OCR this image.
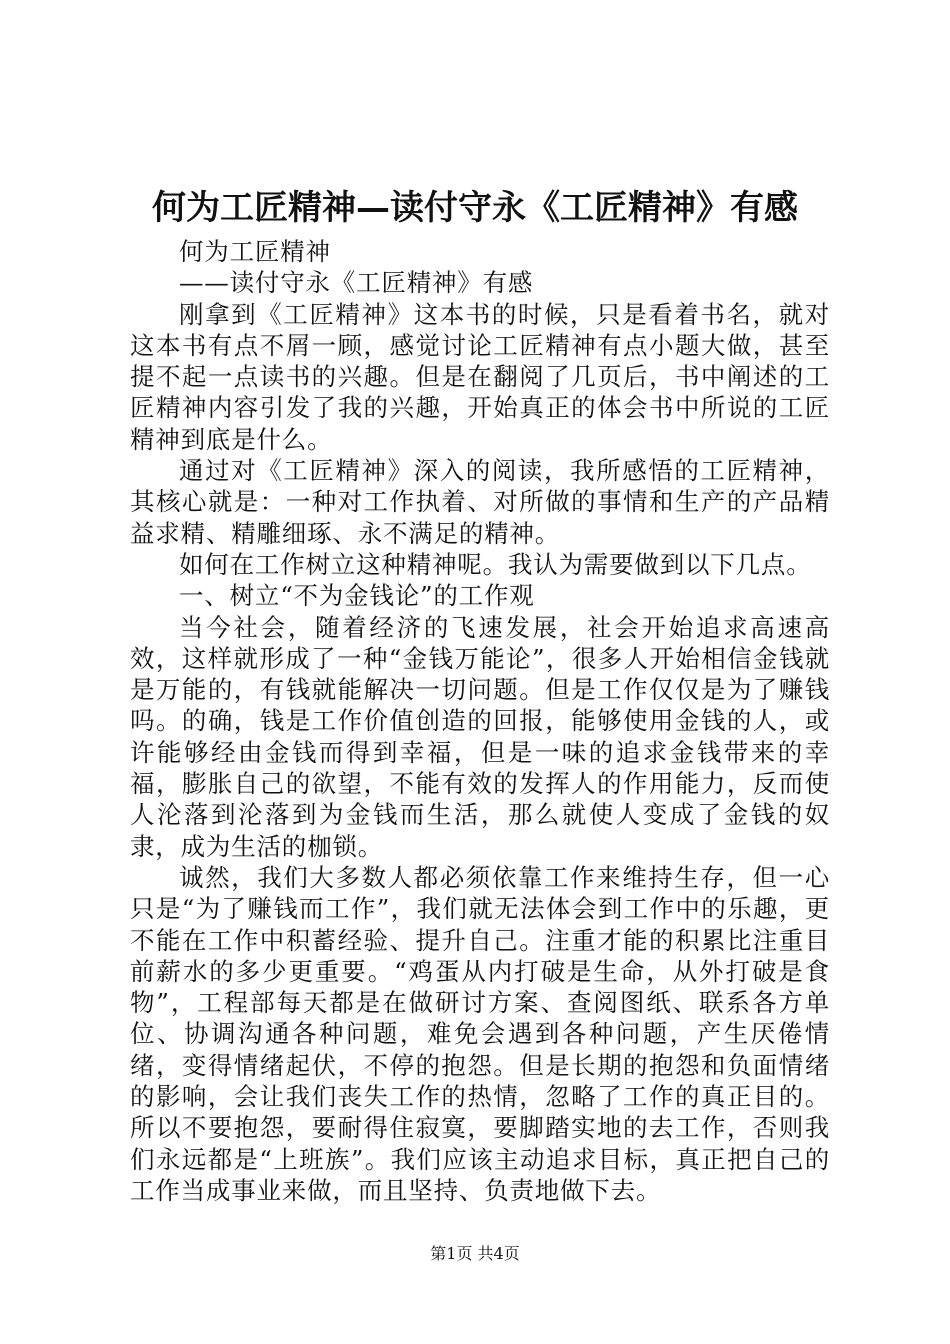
何为工匠精神—读付守永《工匠精神》有感

何为工匠精神

——读付守永《工匠精神》有感

刚拿到《工匠精神》这本书的时候，只是看着书名，就对这本书有点不屑一顾，感觉讨论工匠精神有点小题大做，甚至提不起一点读书的兴趣。但是在翻阅了几页后，书中阐述的工匠精神内容引发了我的兴趣，开始真正的体会书中所说的工匠精神到底是什么。

通过对《工匠精神》深入的阅读，我所感悟的工匠精神，其核心就是：一种对工作执着、对所做的事情和生产的产品精益求精、精雕细琢、永不满足的精神。

如何在工作树立这种精神呢。我认为需要做到以下几点。

一、树立“不为金钱论”的工作观

当今社会，随着经济的飞速发展，社会开始追求高速高效，这样就形成了一种“金钱万能论”，很多人开始相信金钱就是万能的，有钱就能解决一切问题。但是工作仅仅是为了赚钱吗。的确，钱是工作价值创造的回报，能够使用金钱的人，或许能够经由金钱而得到幸福，但是一味的追求金钱带来的幸福，膨胀自己的欲望，不能有效的发挥人的作用能力，反而使人沦落到沦落到为金钱而生活，那么就使人变成了金钱的奴隶，成为生活的枷锁。

诚然，我们大多数人都必须依靠工作来维持生存，但一心只是“为了赚钱而工作”，我们就无法体会到工作中的乐趣，更不能在工作中积蓄经验、提升自己。注重才能的积累比注重目前薪水的多少更重要。“鸡蛋从内打破是生命，从外打破是食物”，工程部每天都是在做研讨方案、查阅图纸、联系各方单位、协调沟通各种问题，难免会遇到各种问题，产生厌倦情绪，变得情绪起伏，不停的抱怨。但是长期的抱怨和负面情绪的影响，会让我们丧失工作的热情，忽略了工作的真正目的。所以不要抱怨，要耐得住寂寞，要脚踏实地的去工作，否则我们永远都是“上班族”。我们应该主动追求目标，真正把自己的工作当成事业来做，而且坚持、负责地做下去。

第1页 共4页
